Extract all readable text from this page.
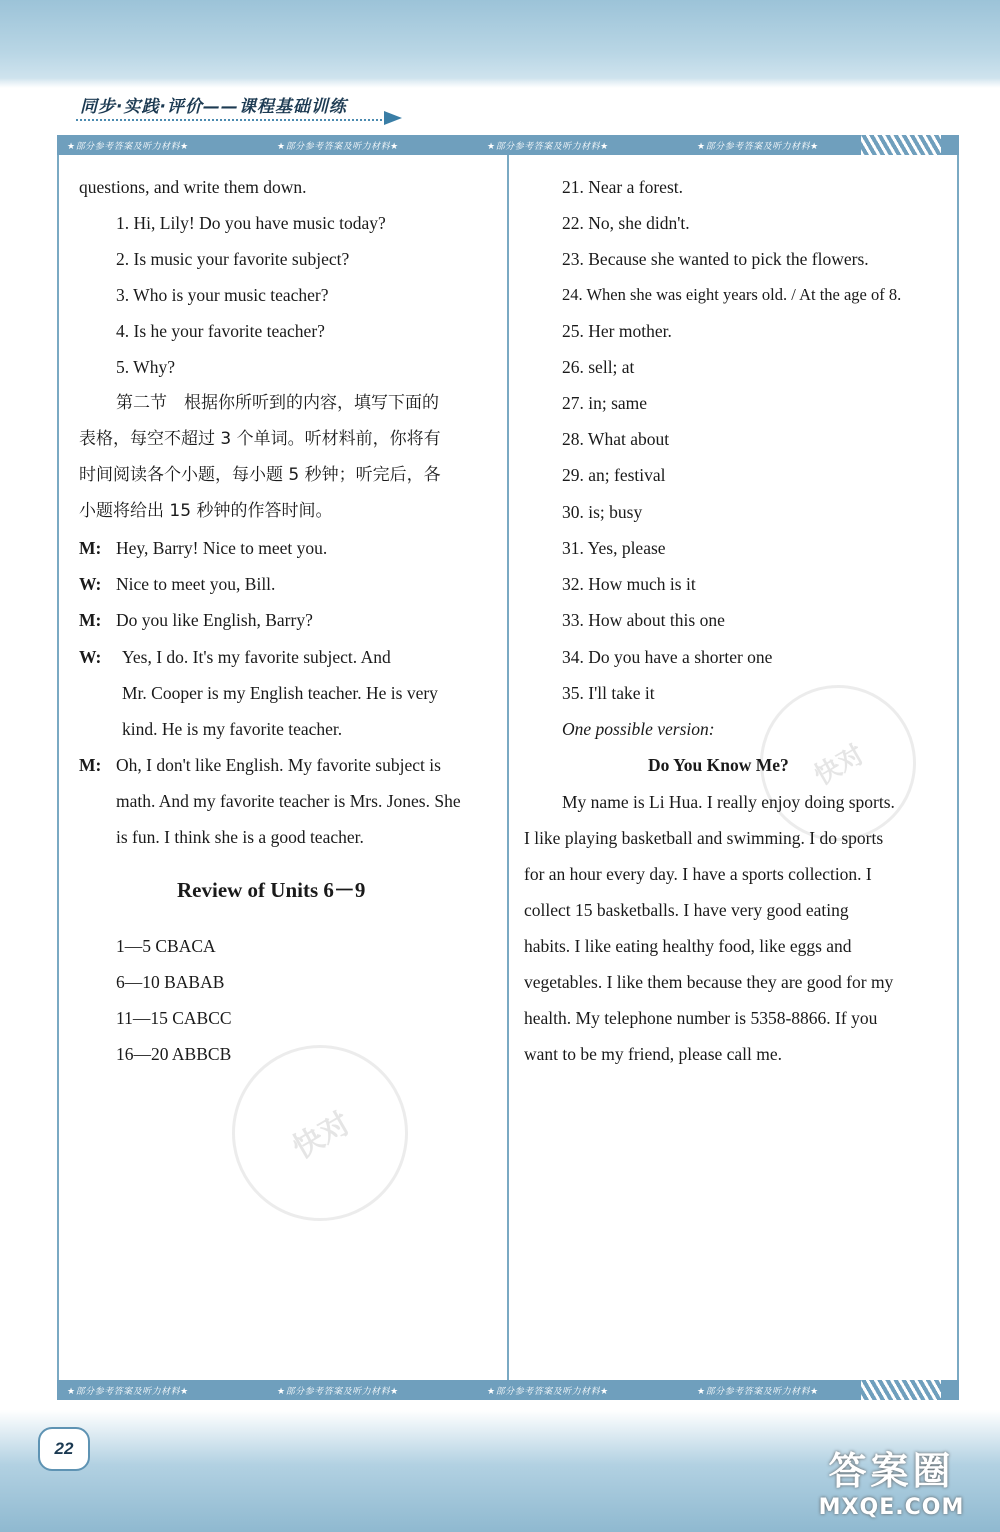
同步·实践·评价——课程基础训练
★部分参考答案及听力材料★	★部分参考答案及听力材料★	★部分参考答案及听力材料★	★部分参考答案及听力材料★
★部分参考答案及听力材料★	★部分参考答案及听力材料★	★部分参考答案及听力材料★	★部分参考答案及听力材料★
questions, and write them down.
1. Hi, Lily! Do you have music today?
2. Is music your favorite subject?
3. Who is your music teacher?
4. Is he your favorite teacher?
5. Why?
第二节　根据你所听到的内容，填写下面的
表格，每空不超过 3 个单词。听材料前，你将有
时间阅读各个小题，每小题 5 秒钟；听完后，各
小题将给出 15 秒钟的作答时间。
M: Hey, Barry! Nice to meet you.
W: Nice to meet you, Bill.
M: Do you like English, Barry?
W: Yes, I do. It's my favorite subject. And
Mr. Cooper is my English teacher. He is very
kind. He is my favorite teacher.
M: Oh, I don't like English. My favorite subject is
math. And my favorite teacher is Mrs. Jones. She
is fun. I think she is a good teacher.
Review of Units 6－9
1—5 CBACA
6—10 BABAB
11—15 CABCC
16—20 ABBCB
快对
快对
21. Near a forest.
22. No, she didn't.
23. Because she wanted to pick the flowers.
24. When she was eight years old. / At the age of 8.
25. Her mother.
26. sell; at
27. in; same
28. What about
29. an; festival
30. is; busy
31. Yes, please
32. How much is it
33. How about this one
34. Do you have a shorter one
35. I'll take it
One possible version:
Do You Know Me?
My name is Li Hua. I really enjoy doing sports.
I like playing basketball and swimming. I do sports
for an hour every day. I have a sports collection. I
collect 15 basketballs. I have very good eating
habits. I like eating healthy food, like eggs and
vegetables. I like them because they are good for my
health. My telephone number is 5358-8866. If you
want to be my friend, please call me.
22
答案圈
MXQE.COM
